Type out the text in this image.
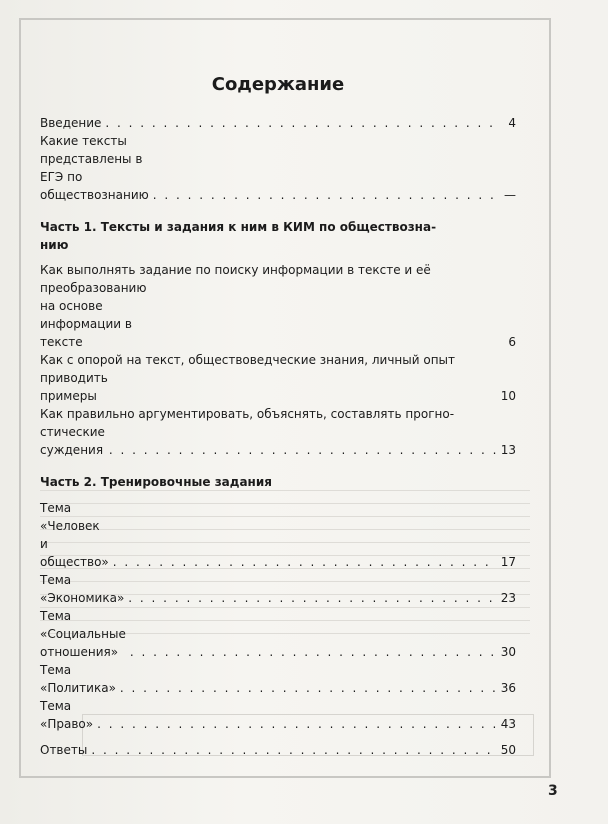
Содержание
Введение . . .	4
Какие тексты представлены в ЕГЭ по обществознанию . . .	—
Часть 1. Тексты и задания к ним в КИМ по обществозна-
нию
Как выполнять задание по поиску информации в тексте и её
преобразованию на основе информации в тексте	6
Как с опорой на текст, обществоведческие знания, личный опыт
приводить примеры	10
Как правильно аргументировать, объяснять, составлять прогно-
стические суждения . . .	13
Часть 2. Тренировочные задания
Тема «Человек и общество» . . .	17
Тема «Экономика» . . .	23
Тема «Социальные отношения» . . .	30
Тема «Политика» . . .	36
Тема «Право» . . .	43
Ответы . . .	50
3
